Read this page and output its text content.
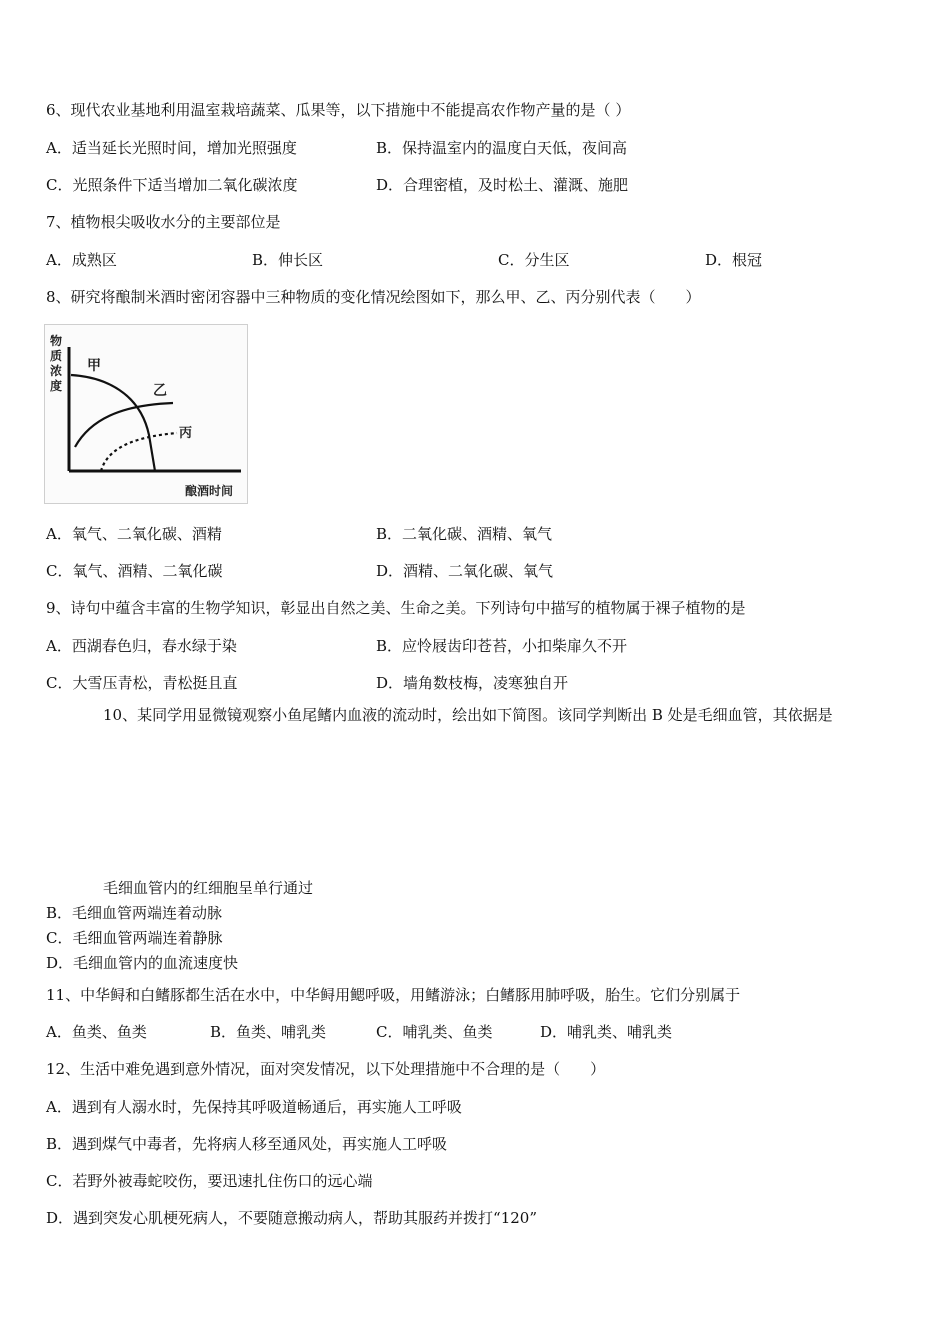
6、现代农业基地利用温室栽培蔬菜、瓜果等，以下措施中不能提高农作物产量的是（ ）
A．适当延长光照时间，增加光照强度	B．保持温室内的温度白天低，夜间高
C．光照条件下适当增加二氧化碳浓度	D．合理密植，及时松土、灌溉、施肥
7、植物根尖吸收水分的主要部位是
A．成熟区	B．伸长区	C．分生区	D．根冠
8、研究将酿制米酒时密闭容器中三种物质的变化情况绘图如下，那么甲、乙、丙分别代表（　　）
物
质
浓
度
甲
乙
丙
酿酒时间
A．氧气、二氧化碳、酒精	B．二氧化碳、酒精、氧气
C．氧气、酒精、二氧化碳	D．酒精、二氧化碳、氧气
9、诗句中蕴含丰富的生物学知识，彰显出自然之美、生命之美。下列诗句中描写的植物属于裸子植物的是
A．西湖春色归，春水绿于染	B．应怜屐齿印苍苔，小扣柴扉久不开
C．大雪压青松，青松挺且直	D．墙角数枝梅，凌寒独自开
10、某同学用显微镜观察小鱼尾鳍内血液的流动时，绘出如下简图。该同学判断出 B 处是毛细血管，其依据是
毛细血管内的红细胞呈单行通过
B．毛细血管两端连着动脉
C．毛细血管两端连着静脉
D．毛细血管内的血流速度快
11、中华鲟和白鳍豚都生活在水中，中华鲟用鳃呼吸，用鳍游泳；白鳍豚用肺呼吸，胎生。它们分别属于
A．鱼类、鱼类	B．鱼类、哺乳类	C．哺乳类、鱼类	D．哺乳类、哺乳类
12、生活中难免遇到意外情况，面对突发情况，以下处理措施中不合理的是（　　）
A．遇到有人溺水时，先保持其呼吸道畅通后，再实施人工呼吸
B．遇到煤气中毒者，先将病人移至通风处，再实施人工呼吸
C．若野外被毒蛇咬伤，要迅速扎住伤口的远心端
D．遇到突发心肌梗死病人，不要随意搬动病人，帮助其服药并拨打“120”
